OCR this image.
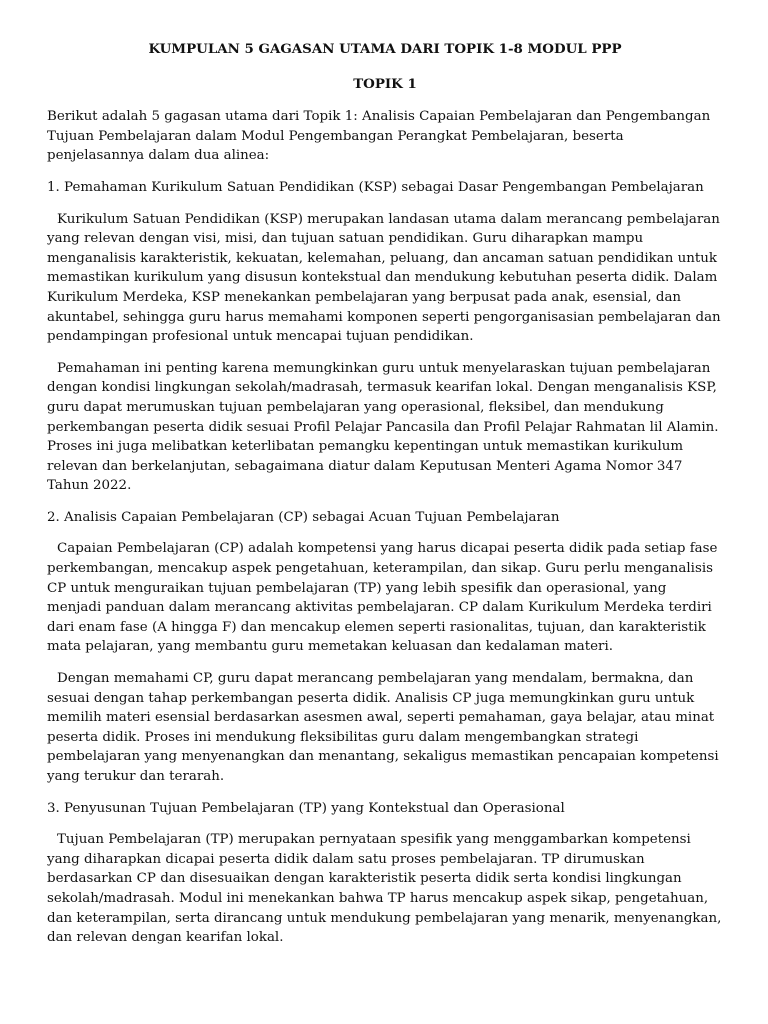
KUMPULAN 5 GAGASAN UTAMA DARI TOPIK 1-8 MODUL PPP
TOPIK 1

Berikut adalah 5 gagasan utama dari Topik 1: Analisis Capaian Pembelajaran dan Pengembangan Tujuan Pembelajaran dalam Modul Pengembangan Perangkat Pembelajaran, beserta penjelasannya dalam dua alinea:

1. Pemahaman Kurikulum Satuan Pendidikan (KSP) sebagai Dasar Pengembangan Pembelajaran

Kurikulum Satuan Pendidikan (KSP) merupakan landasan utama dalam merancang pembelajaran yang relevan dengan visi, misi, dan tujuan satuan pendidikan. Guru diharapkan mampu menganalisis karakteristik, kekuatan, kelemahan, peluang, dan ancaman satuan pendidikan untuk memastikan kurikulum yang disusun kontekstual dan mendukung kebutuhan peserta didik. Dalam Kurikulum Merdeka, KSP menekankan pembelajaran yang berpusat pada anak, esensial, dan akuntabel, sehingga guru harus memahami komponen seperti pengorganisasian pembelajaran dan pendampingan profesional untuk mencapai tujuan pendidikan.

Pemahaman ini penting karena memungkinkan guru untuk menyelaraskan tujuan pembelajaran dengan kondisi lingkungan sekolah/madrasah, termasuk kearifan lokal. Dengan menganalisis KSP, guru dapat merumuskan tujuan pembelajaran yang operasional, fleksibel, dan mendukung perkembangan peserta didik sesuai Profil Pelajar Pancasila dan Profil Pelajar Rahmatan lil Alamin. Proses ini juga melibatkan keterlibatan pemangku kepentingan untuk memastikan kurikulum relevan dan berkelanjutan, sebagaimana diatur dalam Keputusan Menteri Agama Nomor 347 Tahun 2022.

2. Analisis Capaian Pembelajaran (CP) sebagai Acuan Tujuan Pembelajaran

Capaian Pembelajaran (CP) adalah kompetensi yang harus dicapai peserta didik pada setiap fase perkembangan, mencakup aspek pengetahuan, keterampilan, dan sikap. Guru perlu menganalisis CP untuk menguraikan tujuan pembelajaran (TP) yang lebih spesifik dan operasional, yang menjadi panduan dalam merancang aktivitas pembelajaran. CP dalam Kurikulum Merdeka terdiri dari enam fase (A hingga F) dan mencakup elemen seperti rasionalitas, tujuan, dan karakteristik mata pelajaran, yang membantu guru memetakan keluasan dan kedalaman materi.

Dengan memahami CP, guru dapat merancang pembelajaran yang mendalam, bermakna, dan sesuai dengan tahap perkembangan peserta didik. Analisis CP juga memungkinkan guru untuk memilih materi esensial berdasarkan asesmen awal, seperti pemahaman, gaya belajar, atau minat peserta didik. Proses ini mendukung fleksibilitas guru dalam mengembangkan strategi pembelajaran yang menyenangkan dan menantang, sekaligus memastikan pencapaian kompetensi yang terukur dan terarah.

3. Penyusunan Tujuan Pembelajaran (TP) yang Kontekstual dan Operasional

Tujuan Pembelajaran (TP) merupakan pernyataan spesifik yang menggambarkan kompetensi yang diharapkan dicapai peserta didik dalam satu proses pembelajaran. TP dirumuskan berdasarkan CP dan disesuaikan dengan karakteristik peserta didik serta kondisi lingkungan sekolah/madrasah. Modul ini menekankan bahwa TP harus mencakup aspek sikap, pengetahuan, dan keterampilan, serta dirancang untuk mendukung pembelajaran yang menarik, menyenangkan, dan relevan dengan kearifan lokal.
